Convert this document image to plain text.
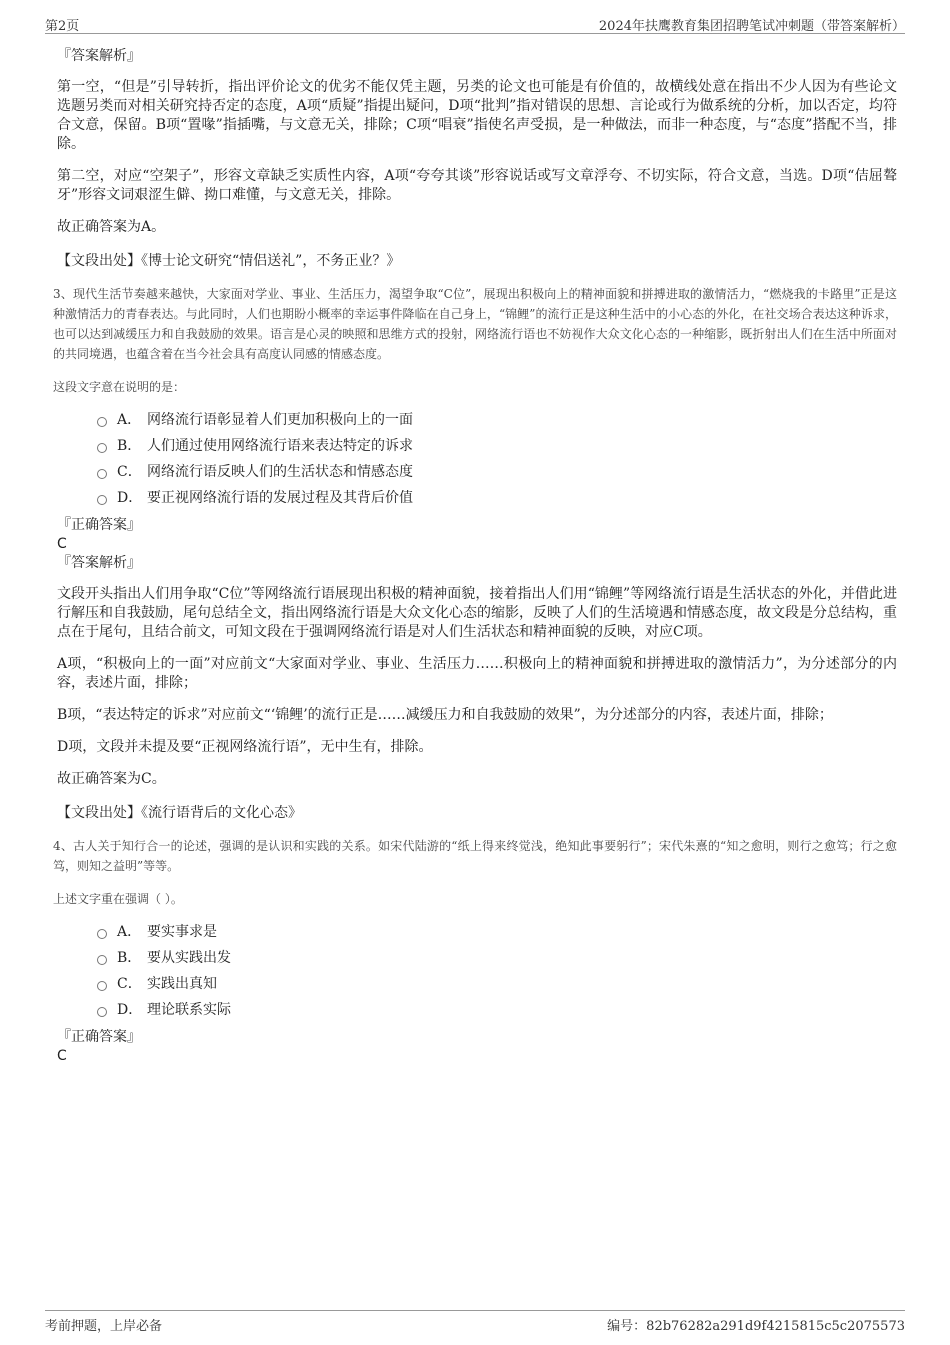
第2页	2024年扶鹰教育集团招聘笔试冲刺题（带答案解析）

『答案解析』

第一空，“但是”引导转折，指出评价论文的优劣不能仅凭主题，另类的论文也可能是有价值的，故横线处意在指出不少人因为有些论文选题另类而对相关研究持否定的态度，A项“质疑”指提出疑问，D项“批判”指对错误的思想、言论或行为做系统的分析，加以否定，均符合文意，保留。B项“置喙”指插嘴，与文意无关，排除；C项“唱衰”指使名声受损，是一种做法，而非一种态度，与“态度”搭配不当，排除。

第二空，对应“空架子”，形容文章缺乏实质性内容，A项“夸夸其谈”形容说话或写文章浮夸、不切实际，符合文意，当选。D项“佶屈聱牙”形容文词艰涩生僻、拗口难懂，与文意无关，排除。

故正确答案为A。

【文段出处】《博士论文研究“情侣送礼”，不务正业？》

3、现代生活节奏越来越快，大家面对学业、事业、生活压力，渴望争取“C位”，展现出积极向上的精神面貌和拼搏进取的激情活力，“燃烧我的卡路里”正是这种激情活力的青春表达。与此同时，人们也期盼小概率的幸运事件降临在自己身上，“锦鲤”的流行正是这种生活中的小心态的外化，在社交场合表达这种诉求，也可以达到减缓压力和自我鼓励的效果。语言是心灵的映照和思维方式的投射，网络流行语也不妨视作大众文化心态的一种缩影，既折射出人们在生活中所面对的共同境遇，也蕴含着在当今社会具有高度认同感的情感态度。

这段文字意在说明的是：

A． 网络流行语彰显着人们更加积极向上的一面
B． 人们通过使用网络流行语来表达特定的诉求
C． 网络流行语反映人们的生活状态和情感态度
D． 要正视网络流行语的发展过程及其背后价值

『正确答案』

C

『答案解析』

文段开头指出人们用争取“C位”等网络流行语展现出积极的精神面貌，接着指出人们用“锦鲤”等网络流行语是生活状态的外化，并借此进行解压和自我鼓励，尾句总结全文，指出网络流行语是大众文化心态的缩影，反映了人们的生活境遇和情感态度，故文段是分总结构，重点在于尾句，且结合前文，可知文段在于强调网络流行语是对人们生活状态和精神面貌的反映，对应C项。

A项，“积极向上的一面”对应前文“大家面对学业、事业、生活压力……积极向上的精神面貌和拼搏进取的激情活力”，为分述部分的内容，表述片面，排除；

B项，“表达特定的诉求”对应前文“‘锦鲤’的流行正是……减缓压力和自我鼓励的效果”，为分述部分的内容，表述片面，排除；

D项，文段并未提及要“正视网络流行语”，无中生有，排除。

故正确答案为C。

【文段出处】《流行语背后的文化心态》

4、古人关于知行合一的论述，强调的是认识和实践的关系。如宋代陆游的“纸上得来终觉浅，绝知此事要躬行”；宋代朱熹的“知之愈明，则行之愈笃；行之愈笃，则知之益明”等等。

上述文字重在强调（ ）。

A． 要实事求是
B． 要从实践出发
C． 实践出真知
D． 理论联系实际

『正确答案』

C

考前押题，上岸必备	编号：82b76282a291d9f4215815c5c2075573
